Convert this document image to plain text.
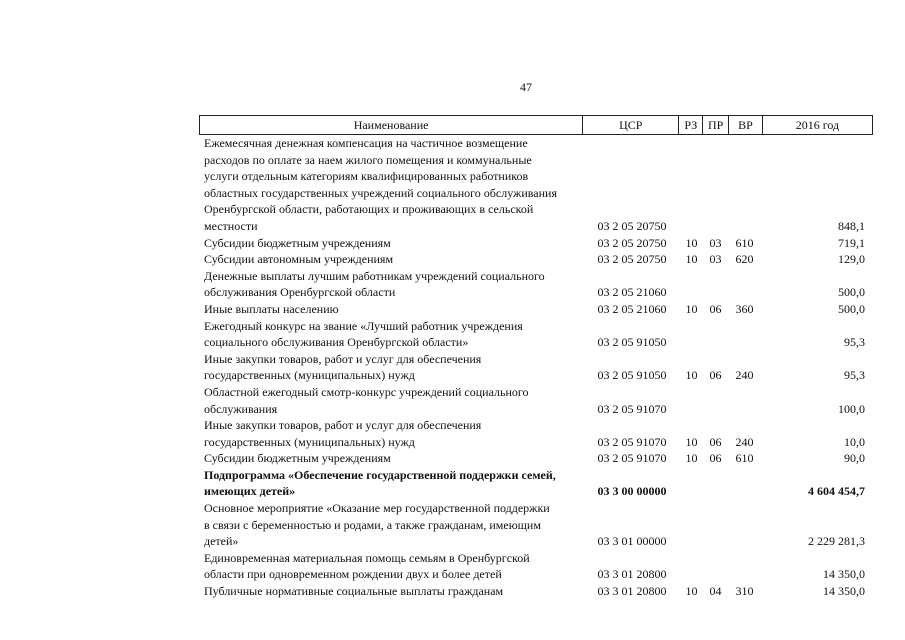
47
Наименование	ЦСР	РЗ ПР	ВР	2016 год
Ежемесячная денежная компенсация на частичное возмещение
расходов по оплате за наем жилого помещения и коммунальные
услуги отдельным категориям квалифицированных работников
областных государственных учреждений социального обслуживания
Оренбургской области, работающих и проживающих в сельской
местности	03 2 05 20750	848,1
Субсидии бюджетным учреждениям	03 2 05 20750	10	03	610	719,1
Субсидии автономным учреждениям	03 2 05 20750	10	03	620	129,0
Денежные выплаты лучшим работникам учреждений социального
обслуживания Оренбургской области	03 2 05 21060	500,0
Иные выплаты населению	03 2 05 21060	10	06	360	500,0
Ежегодный конкурс на звание «Лучший работник учреждения
социального обслуживания Оренбургской области»	03 2 05 91050	95,3
Иные закупки товаров, работ и услуг для обеспечения
государственных (муниципальных) нужд	03 2 05 91050	10	06	240	95,3
Областной ежегодный смотр-конкурс учреждений социального
обслуживания	03 2 05 91070	100,0
Иные закупки товаров, работ и услуг для обеспечения
государственных (муниципальных) нужд	03 2 05 91070	10	06	240	10,0
Субсидии бюджетным учреждениям	03 2 05 91070	10	06	610	90,0
Подпрограмма «Обеспечение государственной поддержки семей,
имеющих детей»	03 3 00 00000	4 604 454,7
Основное мероприятие «Оказание мер государственной поддержки
в связи с беременностью и родами, а также гражданам, имеющим
детей»	03 3 01 00000	2 229 281,3
Единовременная материальная помощь семьям в Оренбургской
области при одновременном рождении двух и более детей	03 3 01 20800	14 350,0
Публичные нормативные социальные выплаты гражданам	03 3 01 20800	10	04	310	14 350,0
